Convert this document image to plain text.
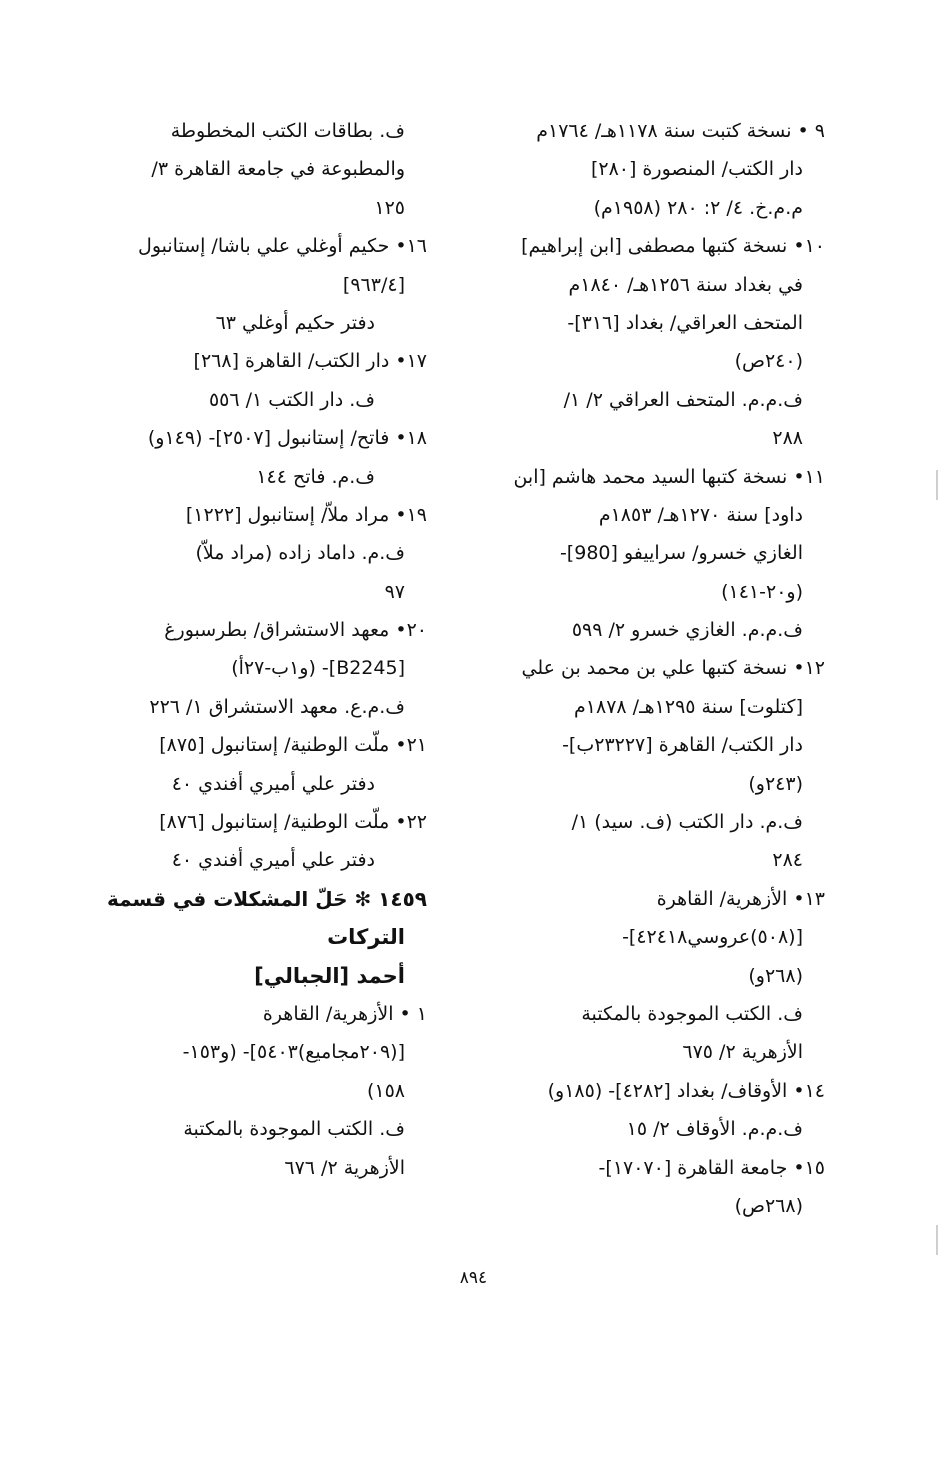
٩ • نسخة كتبت سنة ١١٧٨هـ/ ١٧٦٤م
دار الكتب/ المنصورة [٢٨٠]
م.م.خ. ٤/ ٢: ٢٨٠ (١٩٥٨م)
١٠• نسخة كتبها مصطفى [ابن إبراهيم]
في بغداد سنة ١٢٥٦هـ/ ١٨٤٠م
المتحف العراقي/ بغداد [٣١٦]-
(٢٤٠ص)
ف.م.م. المتحف العراقي ٢/ ١/
٢٨٨
١١• نسخة كتبها السيد محمد هاشم [ابن
داود] سنة ١٢٧٠هـ/ ١٨٥٣م
الغازي خسرو/ سراييفو [980]-
(و٢٠-١٤١)
ف.م.م. الغازي خسرو ٢/ ٥٩٩
١٢• نسخة كتبها علي بن محمد بن علي
[كتلوت] سنة ١٢٩٥هـ/ ١٨٧٨م
دار الكتب/ القاهرة [٢٣٢٢٧ب]-
(٢٤٣و)
ف.م. دار الكتب (ف. سيد) ١/
٢٨٤
١٣• الأزهرية/ القاهرة
[(٥٠٨)عروسي٤٢٤١٨]-
(٢٦٨و)
ف. الكتب الموجودة بالمكتبة
الأزهرية ٢/ ٦٧٥
١٤• الأوقاف/ بغداد [٤٢٨٢]- (١٨٥و)
ف.م.م. الأوقاف ٢/ ١٥
١٥• جامعة القاهرة [١٧٠٧٠]-
(٢٦٨ص)
ف. بطاقات الكتب المخطوطة
والمطبوعة في جامعة القاهرة ٣/
١٢٥
١٦• حكيم أوغلي علي باشا/ إستانبول
[٩٦٣/٤]
دفتر حكيم أوغلي ٦٣
١٧• دار الكتب/ القاهرة [٢٦٨]
ف. دار الكتب ١/ ٥٥٦
١٨• فاتح/ إستانبول [٢٥٠٧]- (١٤٩و)
ف.م. فاتح ١٤٤
١٩• مراد ملاّ/ إستانبول [١٢٢٢]
ف.م. داماد زاده (مراد ملاّ)
٩٧
٢٠• معهد الاستشراق/ بطرسبورغ
[B2245]- (و١ب-٢٧أ)
ف.م.ع. معهد الاستشراق ١/ ٢٢٦
٢١• ملّت الوطنية/ إستانبول [٨٧٥]
دفتر علي أميري أفندي ٤٠
٢٢• ملّت الوطنية/ إستانبول [٨٧٦]
دفتر علي أميري أفندي ٤٠
١٤٥٩ ✻ حَلّ المشكلات في قسمة
التركات
أحمد [الجبالي]
١ • الأزهرية/ القاهرة
[(٢٠٩مجاميع)٥٤٠٣]- (و١٥٣-
١٥٨)
ف. الكتب الموجودة بالمكتبة
الأزهرية ٢/ ٦٧٦
٨٩٤
